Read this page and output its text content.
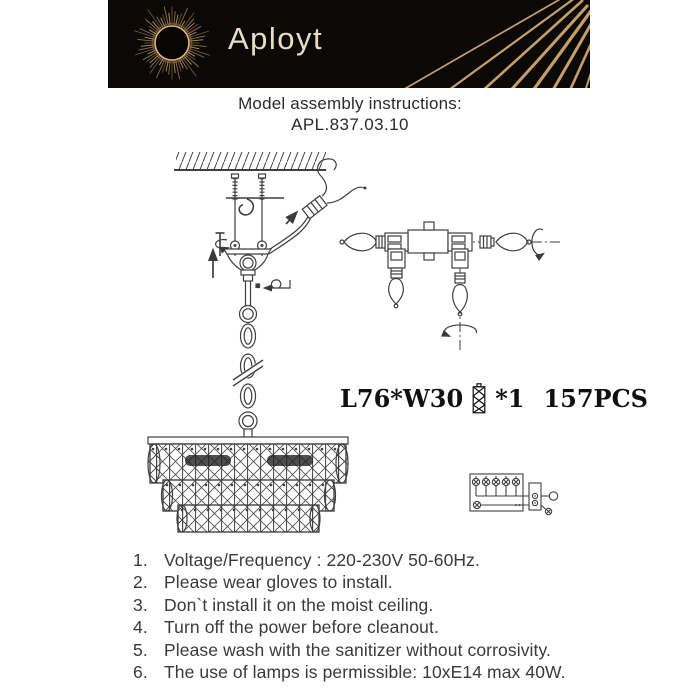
Aployt
Model assembly instructions:
APL.837.03.10
L76*W30 *1 157PCS
1. Voltage/Frequency : 220-230V 50-60Hz.
2. Please wear gloves to install.
3. Don`t install it on the moist ceiling.
4. Turn off the power before cleanout.
5. Please wash with the sanitizer without corrosivity.
6. The use of lamps is permissible: 10xE14 max 40W.
